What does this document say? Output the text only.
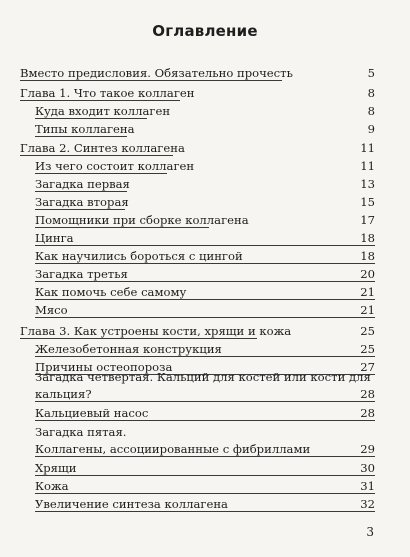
Оглавление
Вместо предисловия. Обязательно прочесть	5
Глава 1. Что такое коллаген	8
Куда входит коллаген	8
Типы коллагена	9
Глава 2. Синтез коллагена	11
Из чего состоит коллаген	11
Загадка первая	13
Загадка вторая	15
Помощники при сборке коллагена	17
Цинга	18
Как научились бороться с цингой	18
Загадка третья	20
Как помочь себе самому	21
Мясо	21
Глава 3. Как устроены кости, хрящи и кожа	25
Железобетонная конструкция	25
Причины остеопороза	27
Загадка четвертая. Кальций для костей или кости для
кальция?	28
Кальциевый насос	28
Загадка пятая.
Коллагены, ассоциированные с фибриллами	29
Хрящи	30
Кожа	31
Увеличение синтеза коллагена	32
3
